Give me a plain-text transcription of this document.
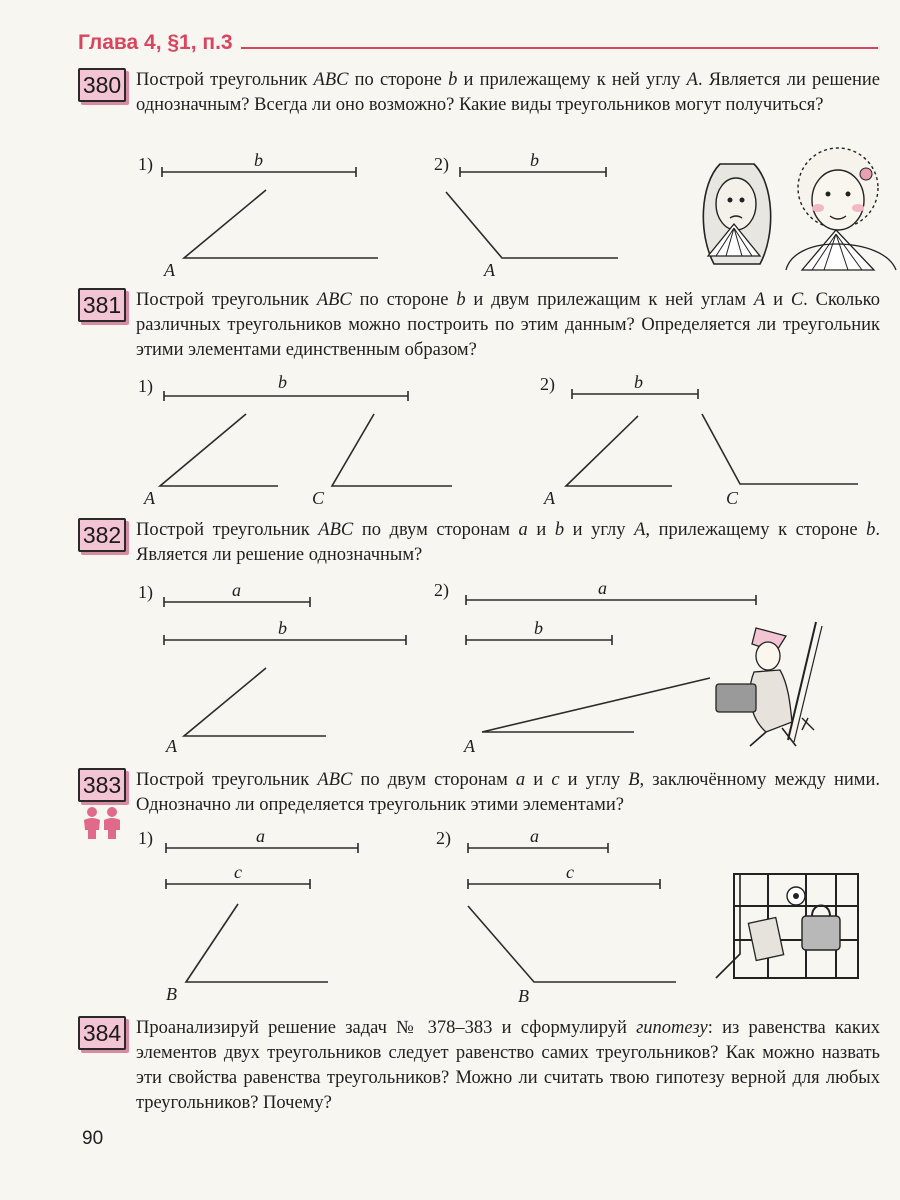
Глава 4, §1, п.3
380 Построй треугольник ABC по стороне b и прилежащему к ней углу A. Является ли решение однозначным? Всегда ли оно возможно? Какие виды треугольников могут получиться?
1)	b
A
2)	b
A
381 Построй треугольник ABC по стороне b и двум прилежащим к ней углам A и C. Сколько различных треугольников можно построить по этим данным? Определяется ли треугольник этими элементами единственным образом?
1)	b
A	C
2)	b
A	C
382 Построй треугольник ABC по двум сторонам a и b и углу A, прилежащему к стороне b. Является ли решение однозначным?
1)	a
b
A
2)	a
b
A
383 Построй треугольник ABC по двум сторонам a и c и углу B, заключённому между ними. Однозначно ли определяется треугольник этими элементами?
1)	a
c
B
2)	a
c
B
384 Проанализируй решение задач № 378–383 и сформулируй гипотезу: из равенства каких элементов двух треугольников следует равенство самих треугольников? Как можно назвать эти свойства равенства треугольников? Можно ли считать твою гипотезу верной для любых треугольников? Почему?
90
